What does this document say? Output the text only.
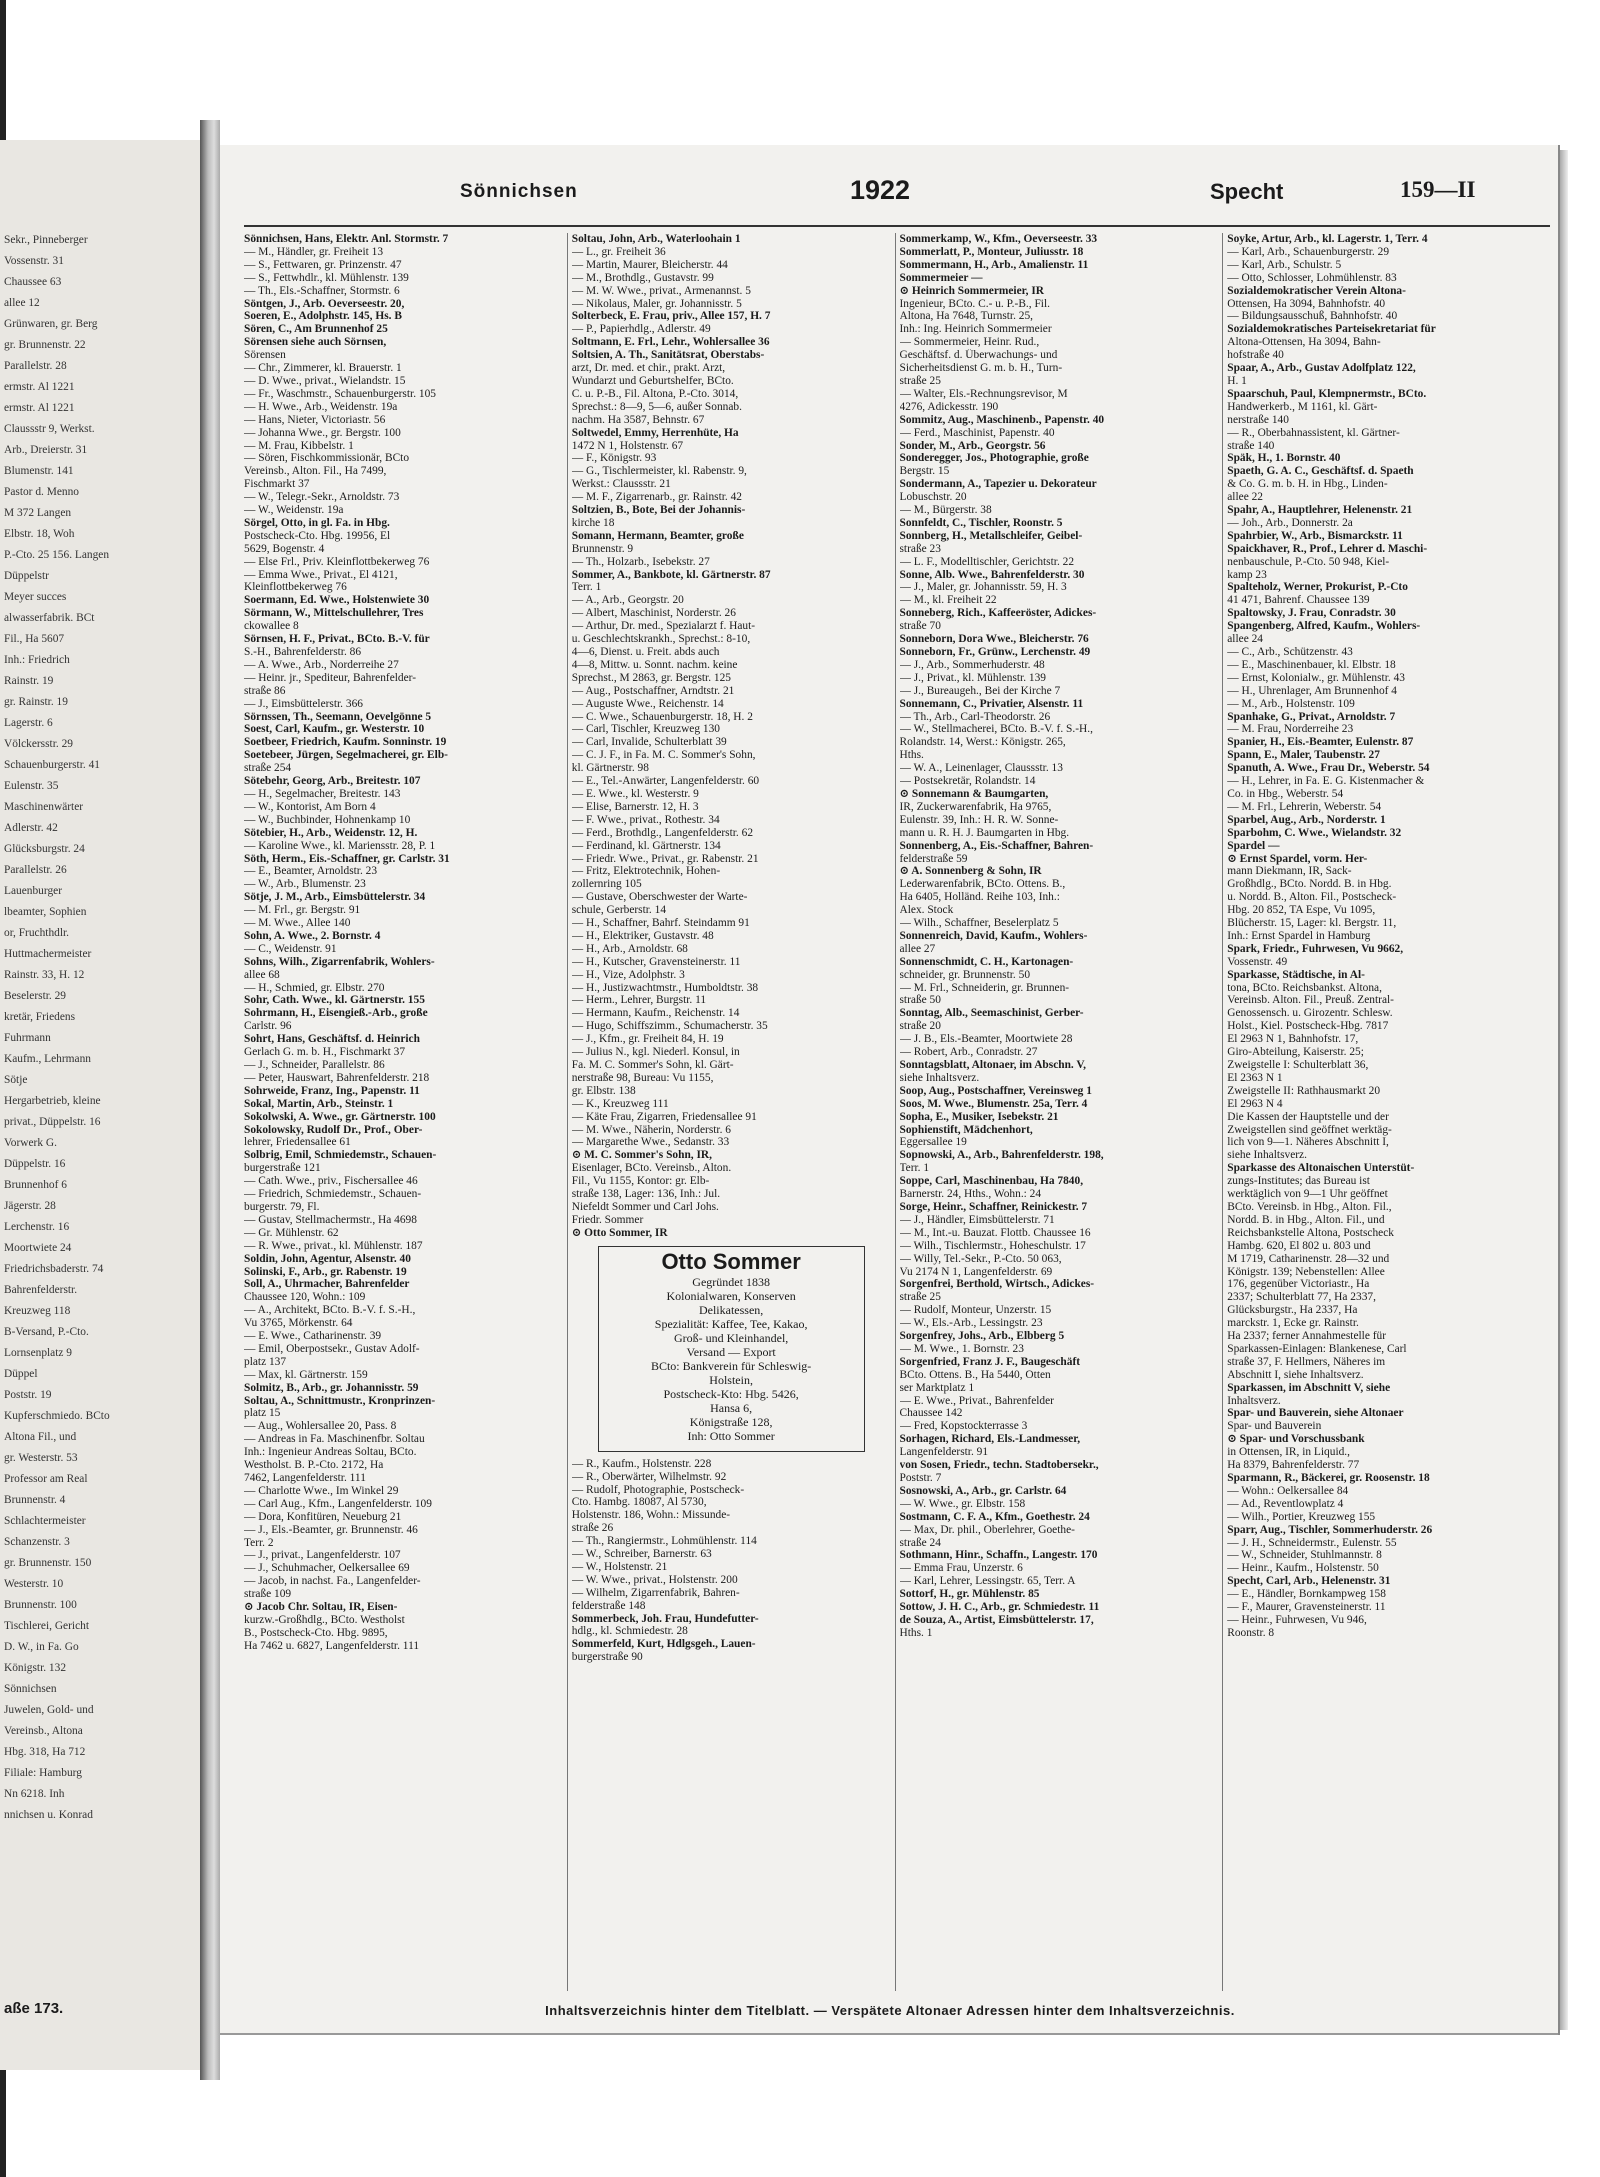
Sekr., Pinneberger
Vossenstr. 31
Chaussee 63
allee 12
Grünwaren, gr. Berg
gr. Brunnenstr. 22
Parallelstr. 28
ermstr. Al 1221
ermstr. Al 1221
Claussstr 9, Werkst.
Arb., Dreierstr. 31
Blumenstr. 141
Pastor d. Menno
M 372 Langen
Elbstr. 18, Woh
P.-Cto. 25 156. Langen
Düppelstr
Meyer succes
alwasserfabrik. BCt
Fil., Ha 5607
Inh.: Friedrich
Rainstr. 19
gr. Rainstr. 19
Lagerstr. 6
Völckersstr. 29
Schauenburgerstr. 41
Eulenstr. 35
Maschinenwärter
Adlerstr. 42
Glücksburgstr. 24
Parallelstr. 26
Lauenburger
lbeamter, Sophien
or, Fruchthdlr.
Huttmachermeister
Rainstr. 33, H. 12
Beselerstr. 29
kretär, Friedens
Fuhrmann
Kaufm., Lehrmann
Sötje
Hergarbetrieb, kleine
privat., Düppelstr. 16
Vorwerk G.
Düppelstr. 16
Brunnenhof 6
Jägerstr. 28
Lerchenstr. 16
Moortwiete 24
Friedrichsbaderstr. 74
Bahrenfelderstr.
Kreuzweg 118
B-Versand, P.-Cto.
Lornsenplatz 9
Düppel
Poststr. 19
Kupferschmiedo. BCto
Altona Fil., und
gr. Westerstr. 53
Professor am Real
Brunnenstr. 4
Schlachtermeister
Schanzenstr. 3
gr. Brunnenstr. 150
Westerstr. 10
Brunnenstr. 100
Tischlerei, Gericht
D. W., in Fa. Go
Königstr. 132
Sönnichsen
Juwelen, Gold- und
Vereinsb., Altona
Hbg. 318, Ha 712
Filiale: Hamburg
Nn 6218. Inh
nnichsen u. Konrad
aße 173.
Sönnichsen	1922	Specht	159—II
Sönnichsen, Hans, Elektr. Anl. Stormstr. 7
— M., Händler, gr. Freiheit 13
— S., Fettwaren, gr. Prinzenstr. 47
— S., Fettwhdlr., kl. Mühlenstr. 139
— Th., Els.-Schaffner, Stormstr. 6
Söntgen, J., Arb. Oeverseestr. 20,
Soeren, E., Adolphstr. 145, Hs. B
Sören, C., Am Brunnenhof 25
Sörensen siehe auch Sörnsen,
Sörensen
— Chr., Zimmerer, kl. Brauerstr. 1
— D. Wwe., privat., Wielandstr. 15
— Fr., Waschmstr., Schauenburgerstr. 105
— H. Wwe., Arb., Weidenstr. 19a
— Hans, Nieter, Victoriastr. 56
— Johanna Wwe., gr. Bergstr. 100
— M. Frau, Kibbelstr. 1
— Sören, Fischkommissionär, BCto
Vereinsb., Alton. Fil., Ha 7499,
Fischmarkt 37
— W., Telegr.-Sekr., Arnoldstr. 73
— W., Weidenstr. 19a
Sörgel, Otto, in gl. Fa. in Hbg.
Postscheck-Cto. Hbg. 19956, El
5629, Bogenstr. 4
— Else Frl., Priv. Kleinflottbekerweg 76
— Emma Wwe., Privat., El 4121,
Kleinflottbekerweg 76
Soermann, Ed. Wwe., Holstenwiete 30
Sörmann, W., Mittelschullehrer, Tres
ckowallee 8
Sörnsen, H. F., Privat., BCto. B.-V. für
S.-H., Bahrenfelderstr. 86
— A. Wwe., Arb., Norderreihe 27
— Heinr. jr., Spediteur, Bahrenfelder-
straße 86
— J., Eimsbüttelerstr. 366
Sörnssen, Th., Seemann, Oevelgönne 5
Soest, Carl, Kaufm., gr. Westerstr. 10
Soetbeer, Friedrich, Kaufm. Sonninstr. 19
Soetebeer, Jürgen, Segelmacherei, gr. Elb-
straße 254
Sötebehr, Georg, Arb., Breitestr. 107
— H., Segelmacher, Breitestr. 143
— W., Kontorist, Am Born 4
— W., Buchbinder, Hohnenkamp 10
Sötebier, H., Arb., Weidenstr. 12, H.
— Karoline Wwe., kl. Mariensstr. 28, P. 1
Söth, Herm., Eis.-Schaffner, gr. Carlstr. 31
— E., Beamter, Arnoldstr. 23
— W., Arb., Blumenstr. 23
Sötje, J. M., Arb., Eimsbüttelerstr. 34
— M. Frl., gr. Bergstr. 91
— M. Wwe., Allee 140
Sohn, A. Wwe., 2. Bornstr. 4
— C., Weidenstr. 91
Sohns, Wilh., Zigarrenfabrik, Wohlers-
allee 68
— H., Schmied, gr. Elbstr. 270
Sohr, Cath. Wwe., kl. Gärtnerstr. 155
Sohrmann, H., Eisengieß.-Arb., große
Carlstr. 96
Sohrt, Hans, Geschäftsf. d. Heinrich
Gerlach G. m. b. H., Fischmarkt 37
— J., Schneider, Parallelstr. 86
— Peter, Hauswart, Bahrenfelderstr. 218
Sohrweide, Franz, Ing., Papenstr. 11
Sokal, Martin, Arb., Steinstr. 1
Sokolwski, A. Wwe., gr. Gärtnerstr. 100
Sokolowsky, Rudolf Dr., Prof., Ober-
lehrer, Friedensallee 61
Solbrig, Emil, Schmiedemstr., Schauen-
burgerstraße 121
— Cath. Wwe., priv., Fischersallee 46
— Friedrich, Schmiedemstr., Schauen-
burgerstr. 79, Fl.
— Gustav, Stellmachermstr., Ha 4698
— Gr. Mühlenstr. 62
— R. Wwe., privat., kl. Mühlenstr. 187
Soldin, John, Agentur, Alsenstr. 40
Solinski, F., Arb., gr. Rabenstr. 19
Soll, A., Uhrmacher, Bahrenfelder
Chaussee 120, Wohn.: 109
— A., Architekt, BCto. B.-V. f. S.-H.,
Vu 3765, Mörkenstr. 64
— E. Wwe., Catharinenstr. 39
— Emil, Oberpostsekr., Gustav Adolf-
platz 137
— Max, kl. Gärtnerstr. 159
Solmitz, B., Arb., gr. Johannisstr. 59
Soltau, A., Schnittmustr., Kronprinzen-
platz 15
— Aug., Wohlersallee 20, Pass. 8
— Andreas in Fa. Maschinenfbr. Soltau
Inh.: Ingenieur Andreas Soltau, BCto.
Westholst. B. P.-Cto. 2172, Ha
7462, Langenfelderstr. 111
— Charlotte Wwe., Im Winkel 29
— Carl Aug., Kfm., Langenfelderstr. 109
— Dora, Konfitüren, Neueburg 21
— J., Els.-Beamter, gr. Brunnenstr. 46
Terr. 2
— J., privat., Langenfelderstr. 107
— J., Schuhmacher, Oelkersallee 69
— Jacob, in nachst. Fa., Langenfelder-
straße 109
⊙ Jacob Chr. Soltau, IR, Eisen-
kurzw.-Großhdlg., BCto. Westholst
B., Postscheck-Cto. Hbg. 9895,
Ha 7462 u. 6827, Langenfelderstr. 111
Soltau, John, Arb., Waterloohain 1
— L., gr. Freiheit 36
— Martin, Maurer, Bleicherstr. 44
— M., Brothdlg., Gustavstr. 99
— M. W. Wwe., privat., Armenannst. 5
— Nikolaus, Maler, gr. Johannisstr. 5
Solterbeck, E. Frau, priv., Allee 157, H. 7
— P., Papierhdlg., Adlerstr. 49
Soltmann, E. Frl., Lehr., Wohlersallee 36
Soltsien, A. Th., Sanitätsrat, Oberstabs-
arzt, Dr. med. et chir., prakt. Arzt,
Wundarzt und Geburtshelfer, BCto.
C. u. P.-B., Fil. Altona, P.-Cto. 3014,
Sprechst.: 8—9, 5—6, außer Sonnab.
nachm. Ha 3587, Behnstr. 67
Soltwedel, Emmy, Herrenhüte, Ha
1472 N 1, Holstenstr. 67
— F., Königstr. 93
— G., Tischlermeister, kl. Rabenstr. 9,
Werkst.: Claussstr. 21
— M. F., Zigarrenarb., gr. Rainstr. 42
Soltzien, B., Bote, Bei der Johannis-
kirche 18
Somann, Hermann, Beamter, große
Brunnenstr. 9
— Th., Holzarb., Isebekstr. 27
Sommer, A., Bankbote, kl. Gärtnerstr. 87
Terr. 1
— A., Arb., Georgstr. 20
— Albert, Maschinist, Norderstr. 26
— Arthur, Dr. med., Spezialarzt f. Haut-
u. Geschlechtskrankh., Sprechst.: 8-10,
4—6, Dienst. u. Freit. abds auch
4—8, Mittw. u. Sonnt. nachm. keine
Sprechst., M 2863, gr. Bergstr. 125
— Aug., Postschaffner, Arndtstr. 21
— Auguste Wwe., Reichenstr. 14
— C. Wwe., Schauenburgerstr. 18, H. 2
— Carl, Tischler, Kreuzweg 130
— Carl, Invalide, Schulterblatt 39
— C. J. F., in Fa. M. C. Sommer's Sohn,
kl. Gärtnerstr. 98
— E., Tel.-Anwärter, Langenfelderstr. 60
— E. Wwe., kl. Westerstr. 9
— Elise, Barnerstr. 12, H. 3
— F. Wwe., privat., Rothestr. 34
— Ferd., Brothdlg., Langenfelderstr. 62
— Ferdinand, kl. Gärtnerstr. 134
— Friedr. Wwe., Privat., gr. Rabenstr. 21
— Fritz, Elektrotechnik, Hohen-
zollernring 105
— Gustave, Oberschwester der Warte-
schule, Gerberstr. 14
— H., Schaffner, Bahrf. Steindamm 91
— H., Elektriker, Gustavstr. 48
— H., Arb., Arnoldstr. 68
— H., Kutscher, Gravensteinerstr. 11
— H., Vize, Adolphstr. 3
— H., Justizwachtmstr., Humboldtstr. 38
— Herm., Lehrer, Burgstr. 11
— Hermann, Kaufm., Reichenstr. 14
— Hugo, Schiffszimm., Schumacherstr. 35
— J., Kfm., gr. Freiheit 84, H. 19
— Julius N., kgl. Niederl. Konsul, in
Fa. M. C. Sommer's Sohn, kl. Gärt-
nerstraße 98, Bureau: Vu 1155,
gr. Elbstr. 138
— K., Kreuzweg 111
— Käte Frau, Zigarren, Friedensallee 91
— M. Wwe., Näherin, Norderstr. 6
— Margarethe Wwe., Sedanstr. 33
⊙ M. C. Sommer's Sohn, IR,
Eisenlager, BCto. Vereinsb., Alton.
Fil., Vu 1155, Kontor: gr. Elb-
straße 138, Lager: 136, Inh.: Jul.
Niefeldt Sommer und Carl Johs.
Friedr. Sommer
⊙ Otto Sommer, IR
Otto Sommer
Gegründet 1838
Kolonialwaren, Konserven
Delikatessen,
Spezialität: Kaffee, Tee, Kakao,
Groß- und Kleinhandel,
Versand — Export
BCto: Bankverein für Schleswig-
Holstein,
Postscheck-Kto: Hbg. 5426,
Hansa 6,
Königstraße 128,
Inh: Otto Sommer
— R., Kaufm., Holstenstr. 228
— R., Oberwärter, Wilhelmstr. 92
— Rudolf, Photographie, Postscheck-
Cto. Hambg. 18087, Al 5730,
Holstenstr. 186, Wohn.: Missunde-
straße 26
— Th., Rangiermstr., Lohmühlenstr. 114
— W., Schreiber, Barnerstr. 63
— W., Holstenstr. 21
— W. Wwe., privat., Holstenstr. 200
— Wilhelm, Zigarrenfabrik, Bahren-
felderstraße 148
Sommerbeck, Joh. Frau, Hundefutter-
hdlg., kl. Schmiedestr. 28
Sommerfeld, Kurt, Hdlgsgeh., Lauen-
burgerstraße 90
Sommerkamp, W., Kfm., Oeverseestr. 33
Sommerlatt, P., Monteur, Juliusstr. 18
Sommermann, H., Arb., Amalienstr. 11
Sommermeier —
⊙ Heinrich Sommermeier, IR
Ingenieur, BCto. C.- u. P.-B., Fil.
Altona, Ha 7648, Turnstr. 25,
Inh.: Ing. Heinrich Sommermeier
— Sommermeier, Heinr. Rud.,
Geschäftsf. d. Überwachungs- und
Sicherheitsdienst G. m. b. H., Turn-
straße 25
— Walter, Els.-Rechnungsrevisor, M
4276, Adickesstr. 190
Sommitz, Aug., Maschinenb., Papenstr. 40
— Ferd., Maschinist, Papenstr. 40
Sonder, M., Arb., Georgstr. 56
Sonderegger, Jos., Photographie, große
Bergstr. 15
Sondermann, A., Tapezier u. Dekorateur
Lobuschstr. 20
— M., Bürgerstr. 38
Sonnfeldt, C., Tischler, Roonstr. 5
Sonnberg, H., Metallschleifer, Geibel-
straße 23
— L. F., Modelltischler, Gerichtstr. 22
Sonne, Alb. Wwe., Bahrenfelderstr. 30
— J., Maler, gr. Johannisstr. 59, H. 3
— M., kl. Freiheit 22
Sonneberg, Rich., Kaffeeröster, Adickes-
straße 70
Sonneborn, Dora Wwe., Bleicherstr. 76
Sonneborn, Fr., Grünw., Lerchenstr. 49
— J., Arb., Sommerhuderstr. 48
— J., Privat., kl. Mühlenstr. 139
— J., Bureaugeh., Bei der Kirche 7
Sonnemann, C., Privatier, Alsenstr. 11
— Th., Arb., Carl-Theodorstr. 26
— W., Stellmacherei, BCto. B.-V. f. S.-H.,
Rolandstr. 14, Werst.: Königstr. 265,
Hths.
— W. A., Leinenlager, Claussstr. 13
— Postsekretär, Rolandstr. 14
⊙ Sonnemann & Baumgarten,
IR, Zuckerwarenfabrik, Ha 9765,
Eulenstr. 39, Inh.: H. R. W. Sonne-
mann u. R. H. J. Baumgarten in Hbg.
Sonnenberg, A., Eis.-Schaffner, Bahren-
felderstraße 59
⊙ A. Sonnenberg & Sohn, IR
Lederwarenfabrik, BCto. Ottens. B.,
Ha 6405, Holländ. Reihe 103, Inh.:
Alex. Stock
— Wilh., Schaffner, Beselerplatz 5
Sonnenreich, David, Kaufm., Wohlers-
allee 27
Sonnenschmidt, C. H., Kartonagen-
schneider, gr. Brunnenstr. 50
— M. Frl., Schneiderin, gr. Brunnen-
straße 50
Sonntag, Alb., Seemaschinist, Gerber-
straße 20
— J. B., Els.-Beamter, Moortwiete 28
— Robert, Arb., Conradstr. 27
Sonntagsblatt, Altonaer, im Abschn. V,
siehe Inhaltsverz.
Soop, Aug., Postschaffner, Vereinsweg 1
Soos, M. Wwe., Blumenstr. 25a, Terr. 4
Sopha, E., Musiker, Isebekstr. 21
Sophienstift, Mädchenhort,
Eggersallee 19
Sopnowski, A., Arb., Bahrenfelderstr. 198,
Terr. 1
Soppe, Carl, Maschinenbau, Ha 7840,
Barnerstr. 24, Hths., Wohn.: 24
Sorge, Heinr., Schaffner, Reinickestr. 7
— J., Händler, Eimsbüttelerstr. 71
— M., Int.-u. Bauzat. Flottb. Chaussee 16
— Wilh., Tischlermstr., Hoheschulstr. 17
— Willy, Tel.-Sekr., P.-Cto. 50 063,
Vu 2174 N 1, Langenfelderstr. 69
Sorgenfrei, Berthold, Wirtsch., Adickes-
straße 25
— Rudolf, Monteur, Unzerstr. 15
— W., Els.-Arb., Lessingstr. 23
Sorgenfrey, Johs., Arb., Elbberg 5
— M. Wwe., 1. Bornstr. 23
Sorgenfried, Franz J. F., Baugeschäft
BCto. Ottens. B., Ha 5440, Otten
ser Marktplatz 1
— E. Wwe., Privat., Bahrenfelder
Chaussee 142
— Fred, Kopstockterrasse 3
Sorhagen, Richard, Els.-Landmesser,
Langenfelderstr. 91
von Sosen, Friedr., techn. Stadtobersekr.,
Poststr. 7
Sosnowski, A., Arb., gr. Carlstr. 64
— W. Wwe., gr. Elbstr. 158
Sostmann, C. F. A., Kfm., Goethestr. 24
— Max, Dr. phil., Oberlehrer, Goethe-
straße 24
Sothmann, Hinr., Schaffn., Langestr. 170
— Emma Frau, Unzerstr. 6
— Karl, Lehrer, Lessingstr. 65, Terr. A
Sottorf, H., gr. Mühlenstr. 85
Sottow, J. H. C., Arb., gr. Schmiedestr. 11
de Souza, A., Artist, Eimsbüttelerstr. 17,
Hths. 1
Soyke, Artur, Arb., kl. Lagerstr. 1, Terr. 4
— Karl, Arb., Schauenburgerstr. 29
— Karl, Arb., Schulstr. 5
— Otto, Schlosser, Lohmühlenstr. 83
Sozialdemokratischer Verein Altona-
Ottensen, Ha 3094, Bahnhofstr. 40
— Bildungsausschuß, Bahnhofstr. 40
Sozialdemokratisches Parteisekretariat für
Altona-Ottensen, Ha 3094, Bahn-
hofstraße 40
Spaar, A., Arb., Gustav Adolfplatz 122,
H. 1
Spaarschuh, Paul, Klempnermstr., BCto.
Handwerkerb., M 1161, kl. Gärt-
nerstraße 140
— R., Oberbahnassistent, kl. Gärtner-
straße 140
Späk, H., 1. Bornstr. 40
Spaeth, G. A. C., Geschäftsf. d. Spaeth
& Co. G. m. b. H. in Hbg., Linden-
allee 22
Spahr, A., Hauptlehrer, Helenenstr. 21
— Joh., Arb., Donnerstr. 2a
Spahrbier, W., Arb., Bismarckstr. 11
Spaickhaver, R., Prof., Lehrer d. Maschi-
nenbauschule, P.-Cto. 50 948, Kiel-
kamp 23
Spalteholz, Werner, Prokurist, P.-Cto
41 471, Bahrenf. Chaussee 139
Spaltowsky, J. Frau, Conradstr. 30
Spangenberg, Alfred, Kaufm., Wohlers-
allee 24
— C., Arb., Schützenstr. 43
— E., Maschinenbauer, kl. Elbstr. 18
— Ernst, Kolonialw., gr. Mühlenstr. 43
— H., Uhrenlager, Am Brunnenhof 4
— M., Arb., Holstenstr. 109
Spanhake, G., Privat., Arnoldstr. 7
— M. Frau, Norderreihe 23
Spanier, H., Eis.-Beamter, Eulenstr. 87
Spann, E., Maler, Taubenstr. 27
Spanuth, A. Wwe., Frau Dr., Weberstr. 54
— H., Lehrer, in Fa. E. G. Kistenmacher &
Co. in Hbg., Weberstr. 54
— M. Frl., Lehrerin, Weberstr. 54
Sparbel, Aug., Arb., Norderstr. 1
Sparbohm, C. Wwe., Wielandstr. 32
Spardel —
⊙ Ernst Spardel, vorm. Her-
mann Diekmann, IR, Sack-
Großhdlg., BCto. Nordd. B. in Hbg.
u. Nordd. B., Alton. Fil., Postscheck-
Hbg. 20 852, TA Espe, Vu 1095,
Blücherstr. 15, Lager: kl. Bergstr. 11,
Inh.: Ernst Spardel in Hamburg
Spark, Friedr., Fuhrwesen, Vu 9662,
Vossenstr. 49
Sparkasse, Städtische, in Al-
tona, BCto. Reichsbankst. Altona,
Vereinsb. Alton. Fil., Preuß. Zentral-
Genossensch. u. Girozentr. Schlesw.
Holst., Kiel. Postscheck-Hbg. 7817
El 2963 N 1, Bahnhofstr. 17,
Giro-Abteilung, Kaiserstr. 25;
Zweigstelle I: Schulterblatt 36,
El 2363 N 1
Zweigstelle II: Rathhausmarkt 20
El 2963 N 4
Die Kassen der Hauptstelle und der
Zweigstellen sind geöffnet werktäg-
lich von 9—1. Näheres Abschnitt I,
siehe Inhaltsverz.
Sparkasse des Altonaischen Unterstüt-
zungs-Institutes; das Bureau ist
werktäglich von 9—1 Uhr geöffnet
BCto. Vereinsb. in Hbg., Alton. Fil.,
Nordd. B. in Hbg., Alton. Fil., und
Reichsbankstelle Altona, Postscheck
Hambg. 620, El 802 u. 803 und
M 1719, Catharinenstr. 28—32 und
Königstr. 139; Nebenstellen: Allee
176, gegenüber Victoriastr., Ha
2337; Schulterblatt 77, Ha 2337,
Glücksburgstr., Ha 2337, Ha
marckstr. 1, Ecke gr. Rainstr.
Ha 2337; ferner Annahmestelle für
Sparkassen-Einlagen: Blankenese, Carl
straße 37, F. Hellmers, Näheres im
Abschnitt I, siehe Inhaltsverz.
Sparkassen, im Abschnitt V, siehe
Inhaltsverz.
Spar- und Bauverein, siehe Altonaer
Spar- und Bauverein
⊙ Spar- und Vorschussbank
in Ottensen, IR, in Liquid.,
Ha 8379, Bahrenfelderstr. 77
Sparmann, R., Bäckerei, gr. Roosenstr. 18
— Wohn.: Oelkersallee 84
— Ad., Reventlowplatz 4
— Wilh., Portier, Kreuzweg 155
Sparr, Aug., Tischler, Sommerhuderstr. 26
— J. H., Schneidermstr., Eulenstr. 55
— W., Schneider, Stuhlmannstr. 8
— Heinr., Kaufm., Holstenstr. 50
Specht, Carl, Arb., Helenenstr. 31
— E., Händler, Bornkampweg 158
— F., Maurer, Gravensteinerstr. 11
— Heinr., Fuhrwesen, Vu 946,
Roonstr. 8
Inhaltsverzeichnis hinter dem Titelblatt. — Verspätete Altonaer Adressen hinter dem Inhaltsverzeichnis.
